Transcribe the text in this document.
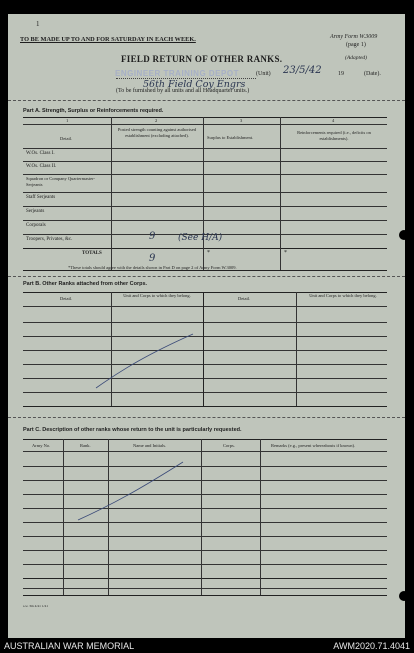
1
TO BE MADE UP TO AND FOR SATURDAY IN EACH WEEK.	Army Form W.3009
(page 1)
(Adapted)
FIELD RETURN OF OTHER RANKS.
ENGINEER TRAINING DEPOT	(Unit) 23/5/42	19	(Date).
56th Field Coy Engrs
(To be furnished by all units and all Headquarter units.)
Part A. Strength, Surplus or Reinforcements required.
1	2	3	4
Detail.
Posted strength counting against authorised establishment (excluding attached).	Surplus to Establishment.
Reinforcements required (i.e., deficits on establishments).
W.Os. Class I.
W.Os. Class II.
Squadron or Company Quartermaster-Serjeants
Staff Serjeants
Serjeants
Corporals
Troopers, Privates, &c.	9	(See H/A)
TOTALS	9	*	*
*These totals should agree with the details shown in Part D on page 2 of Army Form W.3009.
Part B. Other Ranks attached from other Corps.
Detail.
Unit and Corps to which they belong.
Detail.
Unit and Corps to which they belong.
Part C. Description of other ranks whose return to the unit is particularly requested.
Army No.	Rank.	Name and Initials.	Corps.	Remarks (e.g., present whereabouts if known).
s.w. 3m 4/41 1/41
AUSTRALIAN WAR MEMORIAL	AWM2020.71.4041
